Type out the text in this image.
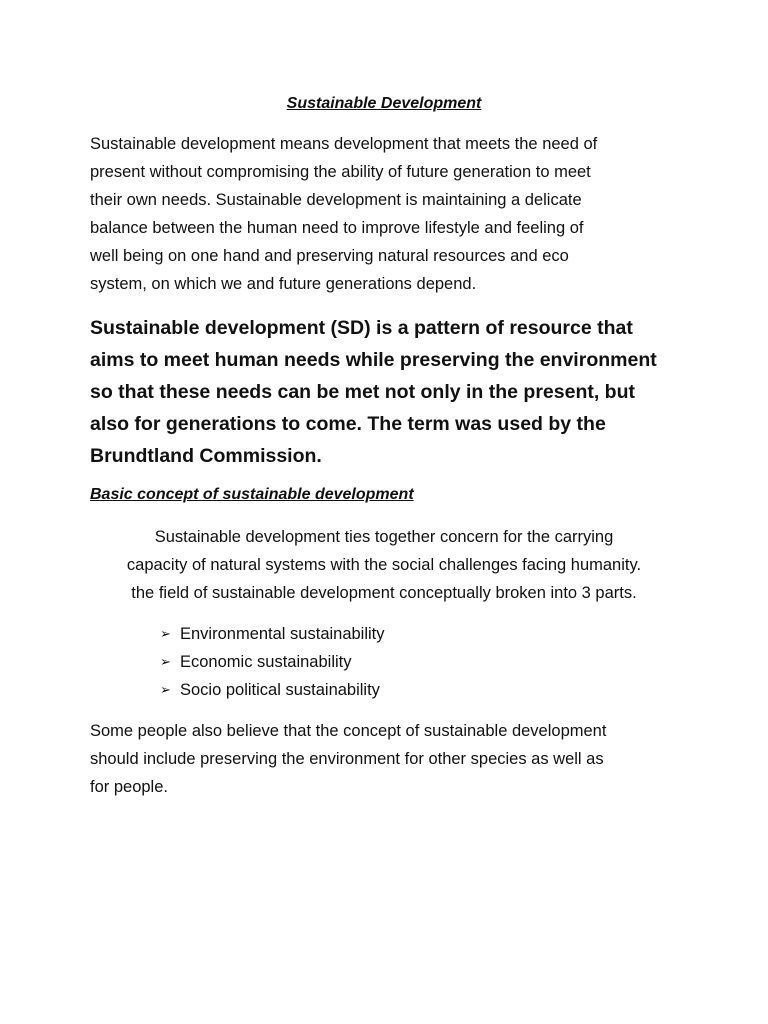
Sustainable Development

Sustainable development means development that meets the need of
present without compromising the ability of future generation to meet
their own needs. Sustainable development is maintaining a delicate
balance between the human need to improve lifestyle and feeling of
well being on one hand and preserving natural resources and eco
system, on which we and future generations depend.

Sustainable development (SD) is a pattern of resource that
aims to meet human needs while preserving the environment
so that these needs can be met not only in the present, but
also for generations to come. The term was used by the
Brundtland Commission.

Basic concept of sustainable development

Sustainable development ties together concern for the carrying
capacity of natural systems with the social challenges facing humanity.
the field of sustainable development conceptually broken into 3 parts.

➢ Environmental sustainability
➢ Economic sustainability
➢ Socio political sustainability

Some people also believe that the concept of sustainable development
should include preserving the environment for other species as well as
for people.
